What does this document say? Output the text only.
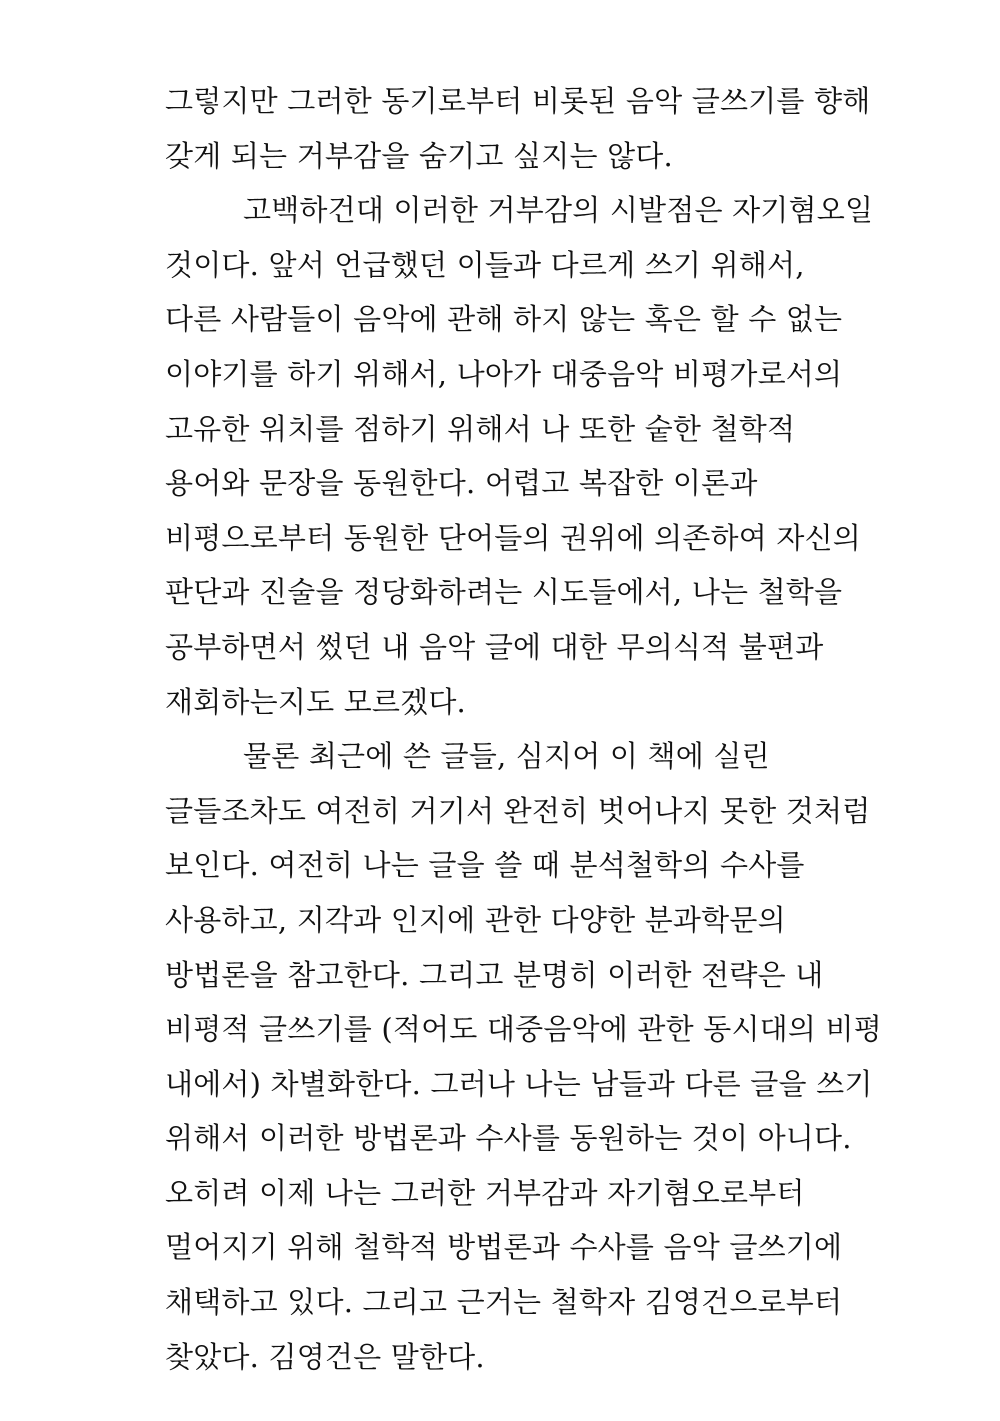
그렇지만 그러한 동기로부터 비롯된 음악 글쓰기를 향해
갖게 되는 거부감을 숨기고 싶지는 않다.
고백하건대 이러한 거부감의 시발점은 자기혐오일
것이다. 앞서 언급했던 이들과 다르게 쓰기 위해서,
다른 사람들이 음악에 관해 하지 않는 혹은 할 수 없는
이야기를 하기 위해서, 나아가 대중음악 비평가로서의
고유한 위치를 점하기 위해서 나 또한 숱한 철학적
용어와 문장을 동원한다. 어렵고 복잡한 이론과
비평으로부터 동원한 단어들의 권위에 의존하여 자신의
판단과 진술을 정당화하려는 시도들에서, 나는 철학을
공부하면서 썼던 내 음악 글에 대한 무의식적 불편과
재회하는지도 모르겠다.
물론 최근에 쓴 글들, 심지어 이 책에 실린
글들조차도 여전히 거기서 완전히 벗어나지 못한 것처럼
보인다. 여전히 나는 글을 쓸 때 분석철학의 수사를
사용하고, 지각과 인지에 관한 다양한 분과학문의
방법론을 참고한다. 그리고 분명히 이러한 전략은 내
비평적 글쓰기를 (적어도 대중음악에 관한 동시대의 비평
내에서) 차별화한다. 그러나 나는 남들과 다른 글을 쓰기
위해서 이러한 방법론과 수사를 동원하는 것이 아니다.
오히려 이제 나는 그러한 거부감과 자기혐오로부터
멀어지기 위해 철학적 방법론과 수사를 음악 글쓰기에
채택하고 있다. 그리고 근거는 철학자 김영건으로부터
찾았다. 김영건은 말한다.
